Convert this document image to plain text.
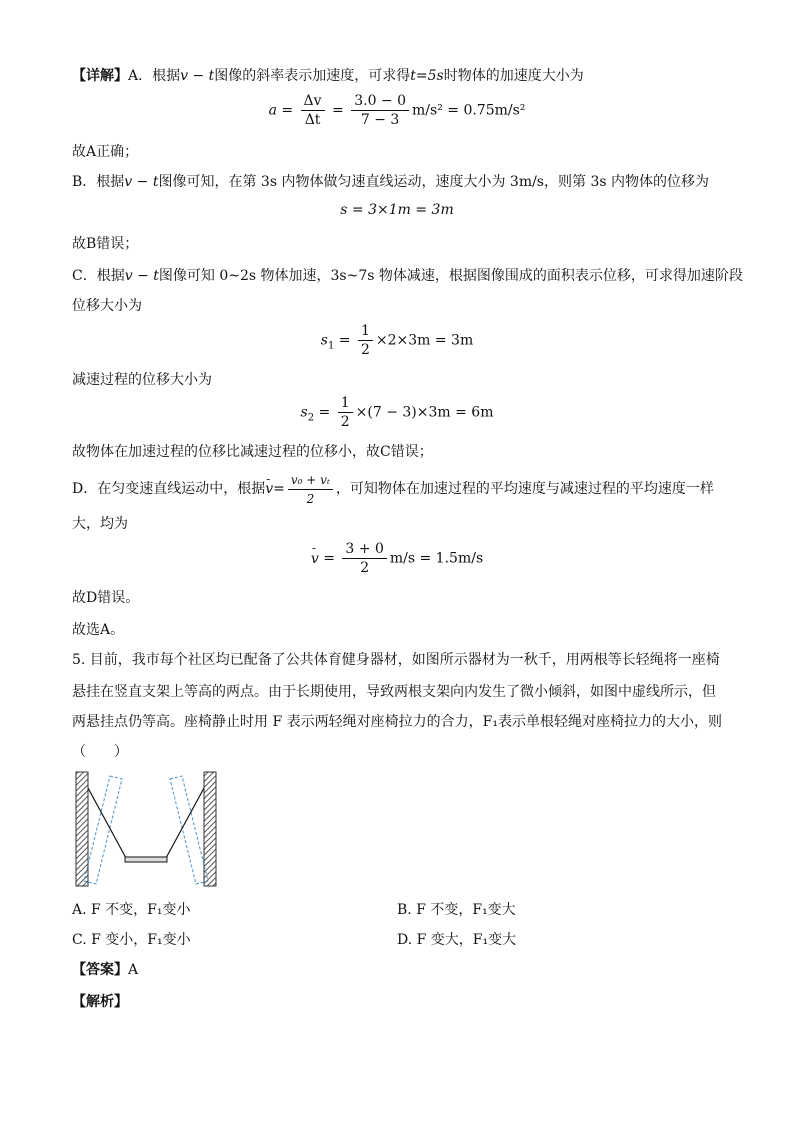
【详解】A．根据v − t图像的斜率表示加速度，可求得t=5s时物体的加速度大小为
$a = \frac{\Delta v}{\Delta t} = \frac{3.0 - 0}{7 - 3} m/s^2 = 0.75m/s^2$
故A正确；
B．根据v − t图像可知，在第 3s 内物体做匀速直线运动，速度大小为 3m/s，则第 3s 内物体的位移为
s = 3×1m = 3m
故B错误；
C．根据v − t图像可知 0~2s 物体加速，3s~7s 物体减速，根据图像围成的面积表示位移，可求得加速阶段
位移大小为
$s_1 = \frac{1}{2} \times 2\times 3m = 3m$
减速过程的位移大小为
$s_2 = \frac{1}{2} \times(7 - 3)\times 3m = 6m$
故物体在加速过程的位移比减速过程的位移小，故C错误；
D．在匀变速直线运动中，根据- $v= \frac{\text{v₀ + vₜ}}{2}$ ，可知物体在加速过程的平均速度与减速过程的平均速度一样
大，均为
- $v = \frac{3 + 0}{2} m/s = 1.5m/s$
故D错误。
故选A。
5. 目前，我市每个社区均已配备了公共体育健身器材，如图所示器材为一秋千，用两根等长轻绳将一座椅
悬挂在竖直支架上等高的两点。由于长期使用，导致两根支架向内发生了微小倾斜，如图中虚线所示，但
两悬挂点仍等高。座椅静止时用 F 表示两轻绳对座椅拉力的合力，F₁表示单根轻绳对座椅拉力的大小，则
（　　）
A. F 不变，F₁变小	B. F 不变，F₁变大
C. F 变小，F₁变小	D. F 变大，F₁变大
【答案】A
【解析】
